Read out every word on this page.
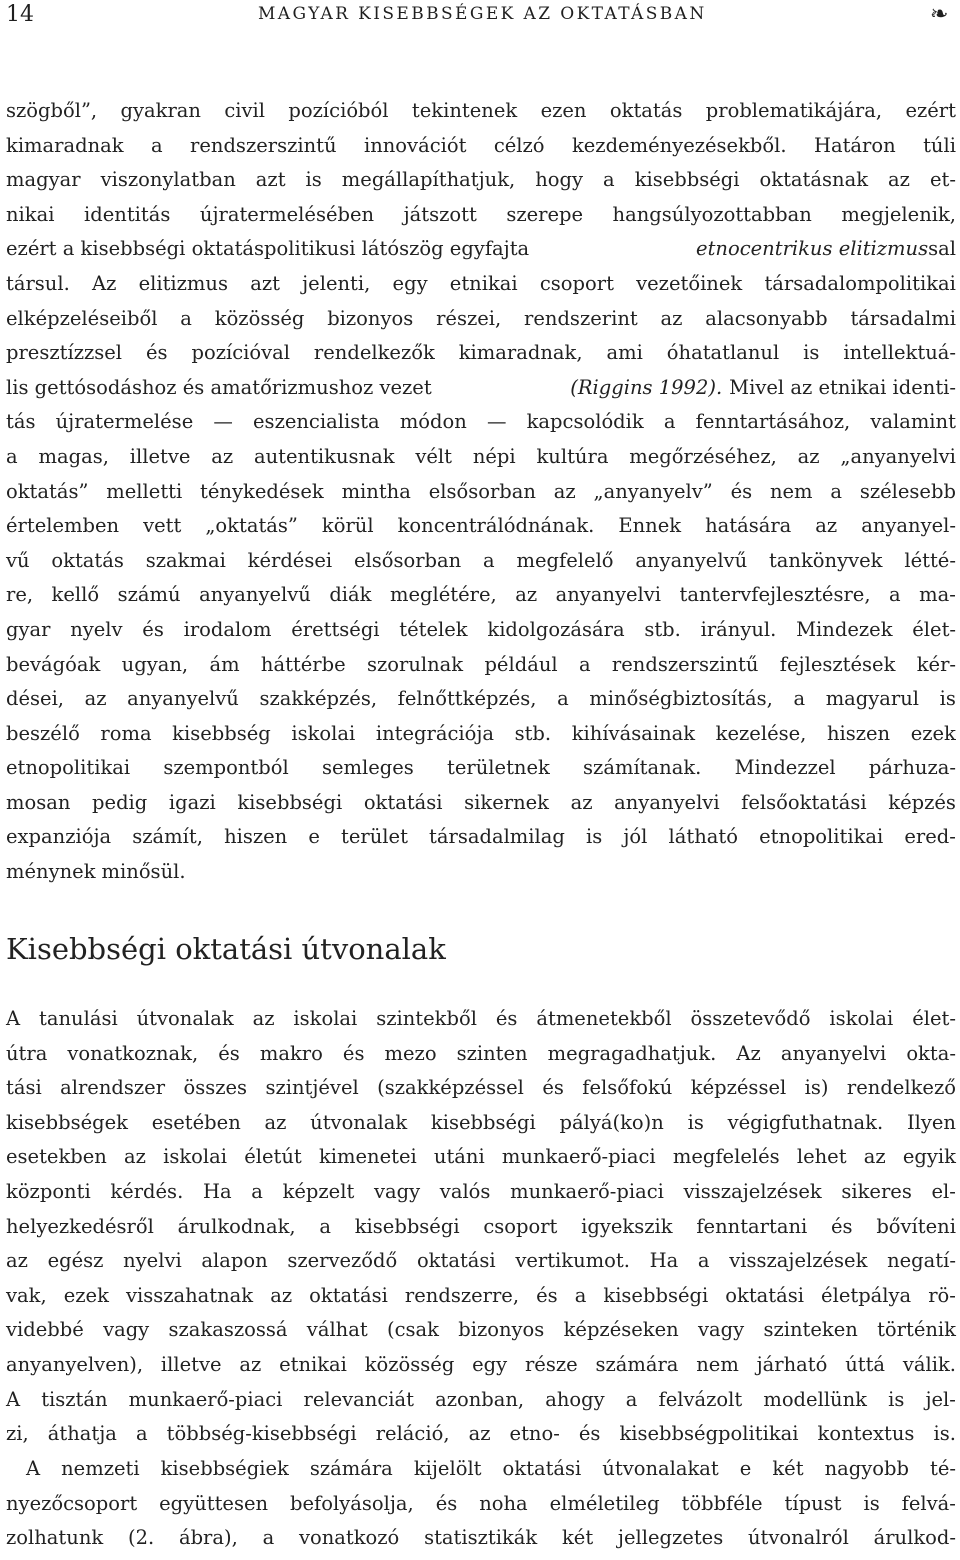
14	MAGYAR KISEBBSÉGEK AZ OKTATÁSBAN	❧
szögből”, gyakran civil pozícióból tekintenek ezen oktatás problematikájára, ezért
kimaradnak a rendszerszintű innovációt célzó kezdeményezésekből. Határon túli
magyar viszonylatban azt is megállapíthatjuk, hogy a kisebbségi oktatásnak az et-
nikai identitás újratermelésében játszott szerepe hangsúlyozottabban megjelenik,
ezért a kisebbségi oktatáspolitikusi látószög egyfajta	etnocentrikus elitizmussal
társul. Az elitizmus azt jelenti, egy etnikai csoport vezetőinek társadalompolitikai
elképzeléseiből a közösség bizonyos részei, rendszerint az alacsonyabb társadalmi
presztízzsel és pozícióval rendelkezők kimaradnak, ami óhatatlanul is intellektuá-
lis gettósodáshoz és amatőrizmushoz vezet	(Riggins 1992). Mivel az etnikai identi-
tás újratermelése — eszencialista módon — kapcsolódik a fenntartásához, valamint
a magas, illetve az autentikusnak vélt népi kultúra megőrzéséhez, az „anyanyelvi
oktatás” melletti ténykedések mintha elsősorban az „anyanyelv” és nem a szélesebb
értelemben vett „oktatás” körül koncentrálódnának. Ennek hatására az anyanyel-
vű oktatás szakmai kérdései elsősorban a megfelelő anyanyelvű tankönyvek létté-
re, kellő számú anyanyelvű diák meglétére, az anyanyelvi tantervfejlesztésre, a ma-
gyar nyelv és irodalom érettségi tételek kidolgozására stb. irányul. Mindezek élet-
bevágóak ugyan, ám háttérbe szorulnak például a rendszerszintű fejlesztések kér-
dései, az anyanyelvű szakképzés, felnőttképzés, a minőségbiztosítás, a magyarul is
beszélő roma kisebbség iskolai integrációja stb. kihívásainak kezelése, hiszen ezek
etnopolitikai szempontból semleges területnek számítanak. Mindezzel párhuza-
mosan pedig igazi kisebbségi oktatási sikernek az anyanyelvi felsőoktatási képzés
expanziója számít, hiszen e terület társadalmilag is jól látható etnopolitikai ered-
ménynek minősül.
Kisebbségi oktatási útvonalak
A tanulási útvonalak az iskolai szintekből és átmenetekből összetevődő iskolai élet-
útra vonatkoznak, és makro és mezo szinten megragadhatjuk. Az anyanyelvi okta-
tási alrendszer összes szintjével (szakképzéssel és felsőfokú képzéssel is) rendelkező
kisebbségek esetében az útvonalak kisebbségi pályá(ko)n is végigfuthatnak. Ilyen
esetekben az iskolai életút kimenetei utáni munkaerő-piaci megfelelés lehet az egyik
központi kérdés. Ha a képzelt vagy valós munkaerő-piaci visszajelzések sikeres el-
helyezkedésről árulkodnak, a kisebbségi csoport igyekszik fenntartani és bővíteni
az egész nyelvi alapon szerveződő oktatási vertikumot. Ha a visszajelzések negatí-
vak, ezek visszahatnak az oktatási rendszerre, és a kisebbségi oktatási életpálya rö-
videbbé vagy szakaszossá válhat (csak bizonyos képzéseken vagy szinteken történik
anyanyelven), illetve az etnikai közösség egy része számára nem járható úttá válik.
A tisztán munkaerő-piaci relevanciát azonban, ahogy a felvázolt modellünk is jel-
zi, áthatja a többség-kisebbségi reláció, az etno- és kisebbségpolitikai kontextus is.
A nemzeti kisebbségiek számára kijelölt oktatási útvonalakat e két nagyobb té-
nyezőcsoport együttesen befolyásolja, és noha elméletileg többféle típust is felvá-
zolhatunk (2. ábra), a vonatkozó statisztikák két jellegzetes útvonalról árulkod-
